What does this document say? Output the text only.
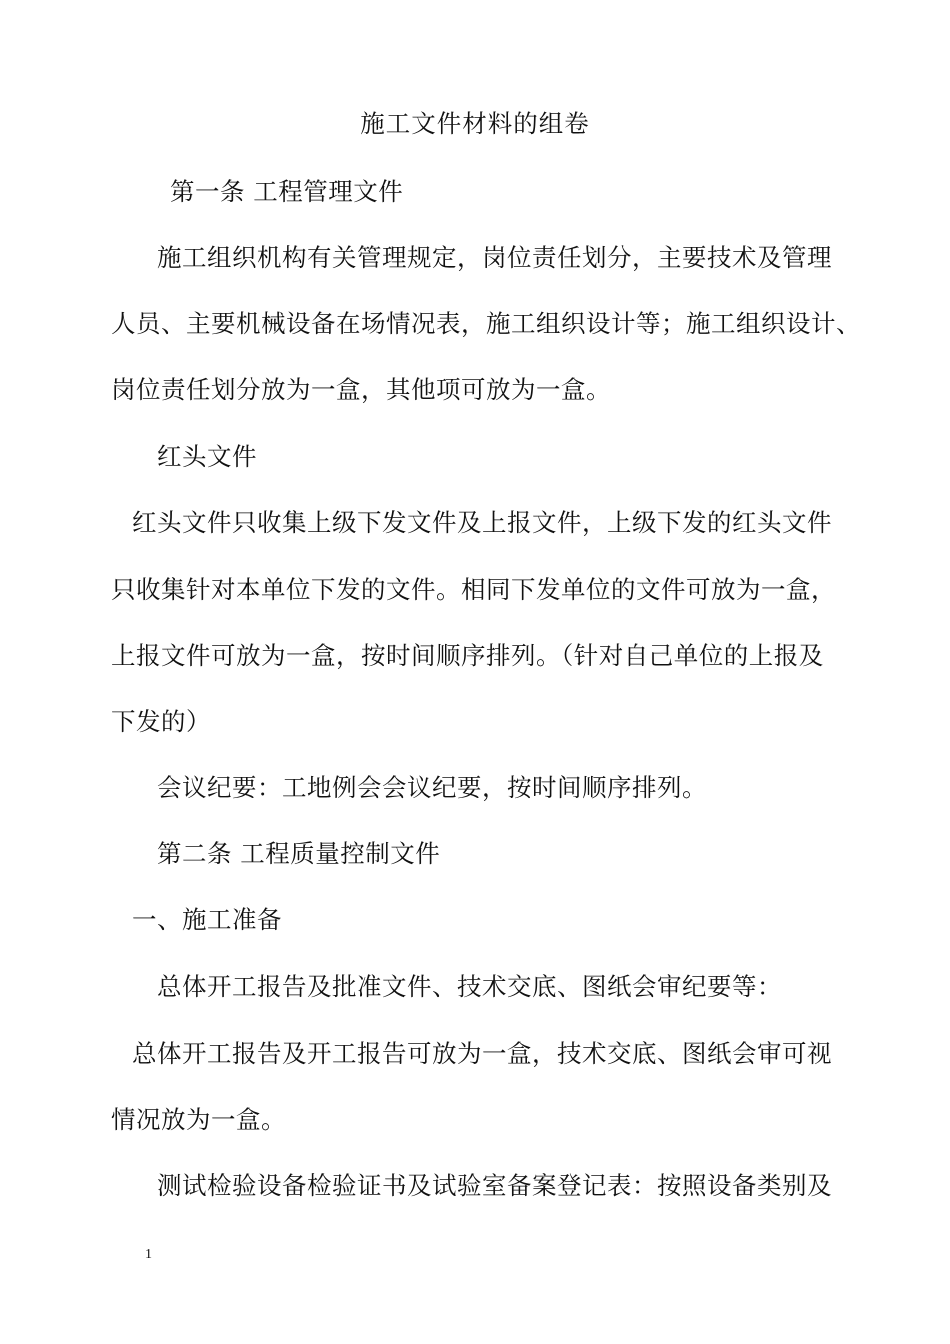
施工文件材料的组卷
第一条 工程管理文件
施工组织机构有关管理规定，岗位责任划分，主要技术及管理
人员、主要机械设备在场情况表，施工组织设计等；施工组织设计、
岗位责任划分放为一盒，其他项可放为一盒。
红头文件
红头文件只收集上级下发文件及上报文件，上级下发的红头文件
只收集针对本单位下发的文件。相同下发单位的文件可放为一盒，
上报文件可放为一盒，按时间顺序排列。（针对自己单位的上报及
下发的）
会议纪要：工地例会会议纪要，按时间顺序排列。
第二条 工程质量控制文件
一、施工准备
总体开工报告及批准文件、技术交底、图纸会审纪要等：
总体开工报告及开工报告可放为一盒，技术交底、图纸会审可视
情况放为一盒。
测试检验设备检验证书及试验室备案登记表：按照设备类别及
1
